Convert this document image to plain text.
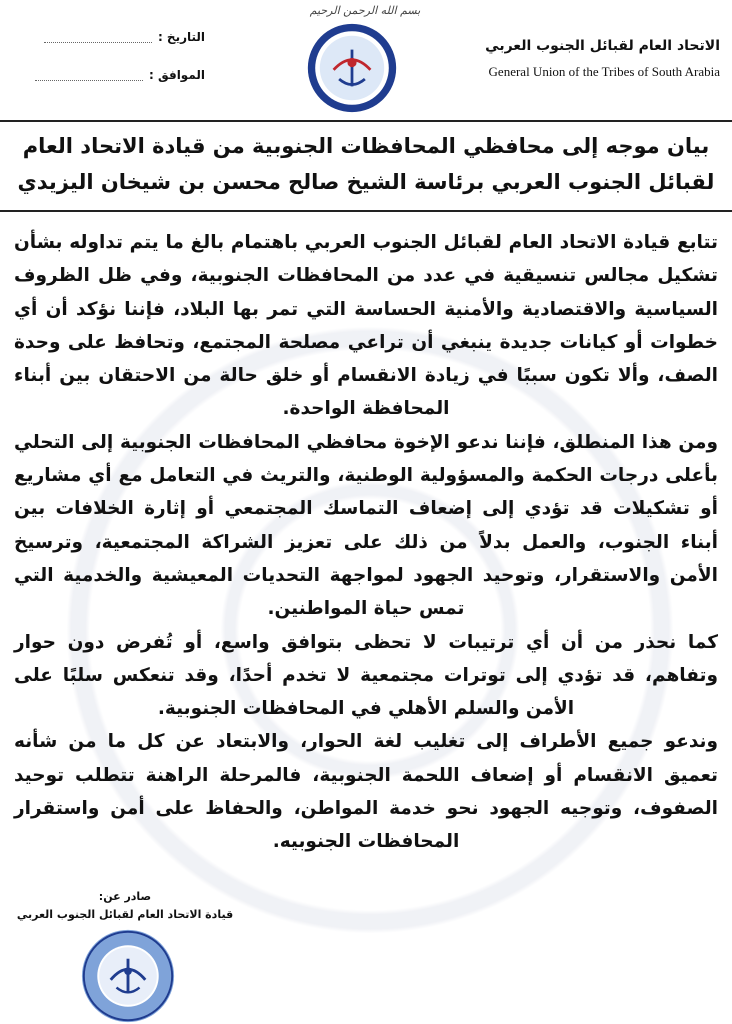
بسم الله الرحمن الرحيم
الاتحاد العام لقبائل الجنوب العربي
General Union of the Tribes of South Arabia
التاريخ :
الموافق :
بيان موجه إلى محافظي المحافظات الجنوبية من قيادة الاتحاد العام
لقبائل الجنوب العربي برئاسة الشيخ صالح محسن بن شيخان اليزيدي

تتابع قيادة الاتحاد العام لقبائل الجنوب العربي باهتمام بالغ ما يتم تداوله بشأن تشكيل مجالس تنسيقية في عدد من المحافظات الجنوبية، وفي ظل الظروف السياسية والاقتصادية والأمنية الحساسة التي تمر بها البلاد، فإننا نؤكد أن أي خطوات أو كيانات جديدة ينبغي أن تراعي مصلحة المجتمع، وتحافظ على وحدة الصف، وألا تكون سببًا في زيادة الانقسام أو خلق حالة من الاحتقان بين أبناء المحافظة الواحدة.

ومن هذا المنطلق، فإننا ندعو الإخوة محافظي المحافظات الجنوبية إلى التحلي بأعلى درجات الحكمة والمسؤولية الوطنية، والتريث في التعامل مع أي مشاريع أو تشكيلات قد تؤدي إلى إضعاف التماسك المجتمعي أو إثارة الخلافات بين أبناء الجنوب، والعمل بدلاً من ذلك على تعزيز الشراكة المجتمعية، وترسيخ الأمن والاستقرار، وتوحيد الجهود لمواجهة التحديات المعيشية والخدمية التي تمس حياة المواطنين.

كما نحذر من أن أي ترتيبات لا تحظى بتوافق واسع، أو تُفرض دون حوار وتفاهم، قد تؤدي إلى توترات مجتمعية لا تخدم أحدًا، وقد تنعكس سلبًا على الأمن والسلم الأهلي في المحافظات الجنوبية.

وندعو جميع الأطراف إلى تغليب لغة الحوار، والابتعاد عن كل ما من شأنه تعميق الانقسام أو إضعاف اللحمة الجنوبية، فالمرحلة الراهنة تتطلب توحيد الصفوف، وتوجيه الجهود نحو خدمة المواطن، والحفاظ على أمن واستقرار المحافظات الجنوبيه.

صادر عن:
قيادة الاتحاد العام لقبائل الجنوب العربي
